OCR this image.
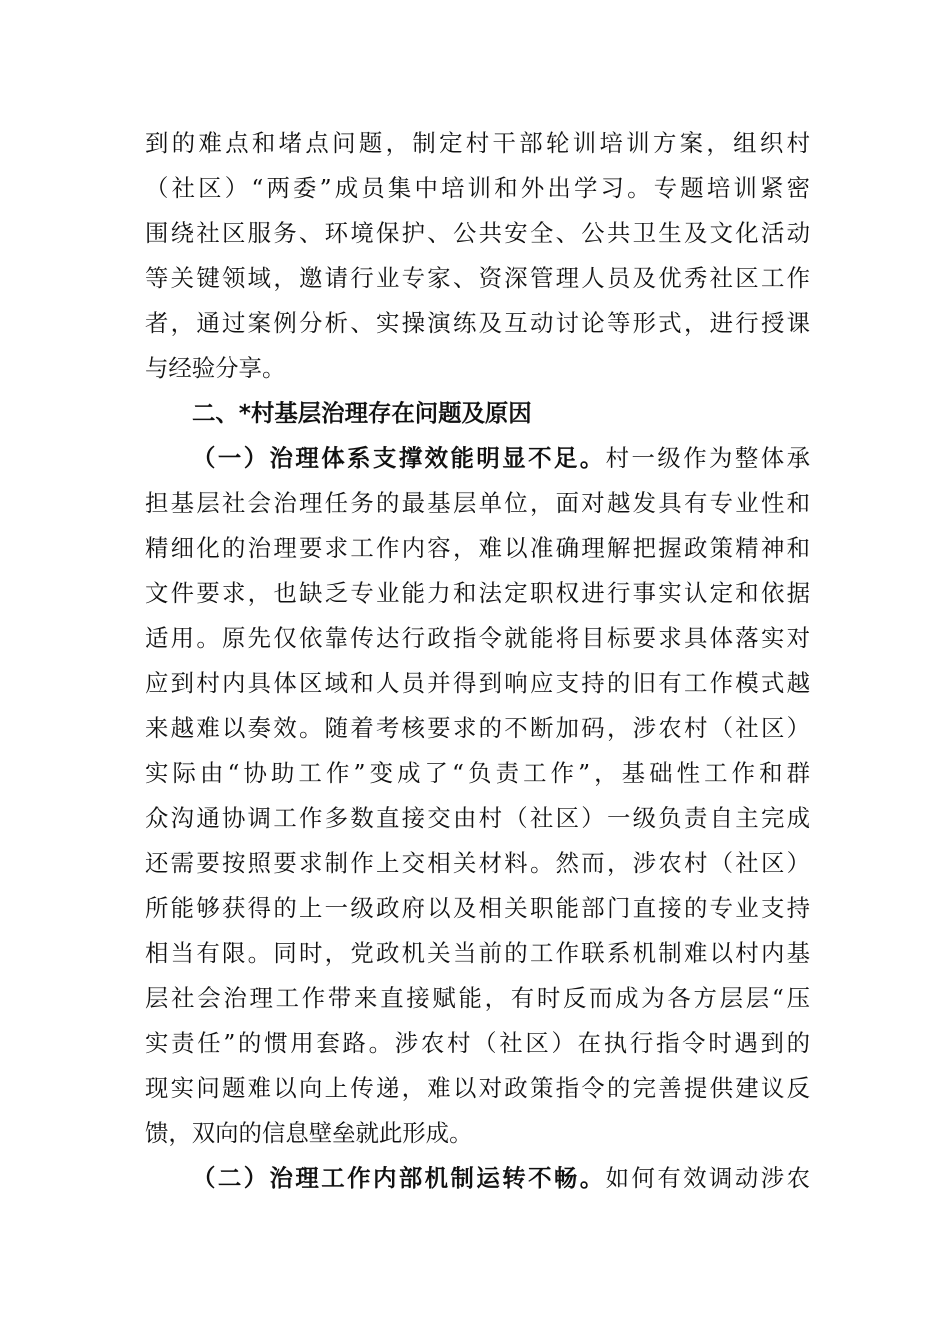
到的难点和堵点问题，制定村干部轮训培训方案，组织村
（社区）“两委”成员集中培训和外出学习。专题培训紧密
围绕社区服务、环境保护、公共安全、公共卫生及文化活动
等关键领域，邀请行业专家、资深管理人员及优秀社区工作
者，通过案例分析、实操演练及互动讨论等形式，进行授课
与经验分享。
二、*村基层治理存在问题及原因
（一）治理体系支撑效能明显不足。村一级作为整体承
担基层社会治理任务的最基层单位，面对越发具有专业性和
精细化的治理要求工作内容，难以准确理解把握政策精神和
文件要求，也缺乏专业能力和法定职权进行事实认定和依据
适用。原先仅依靠传达行政指令就能将目标要求具体落实对
应到村内具体区域和人员并得到响应支持的旧有工作模式越
来越难以奏效。随着考核要求的不断加码，涉农村（社区）
实际由“协助工作”变成了“负责工作”，基础性工作和群
众沟通协调工作多数直接交由村（社区）一级负责自主完成
还需要按照要求制作上交相关材料。然而，涉农村（社区）
所能够获得的上一级政府以及相关职能部门直接的专业支持
相当有限。同时，党政机关当前的工作联系机制难以村内基
层社会治理工作带来直接赋能，有时反而成为各方层层“压
实责任”的惯用套路。涉农村（社区）在执行指令时遇到的
现实问题难以向上传递，难以对政策指令的完善提供建议反
馈，双向的信息壁垒就此形成。
（二）治理工作内部机制运转不畅。如何有效调动涉农
